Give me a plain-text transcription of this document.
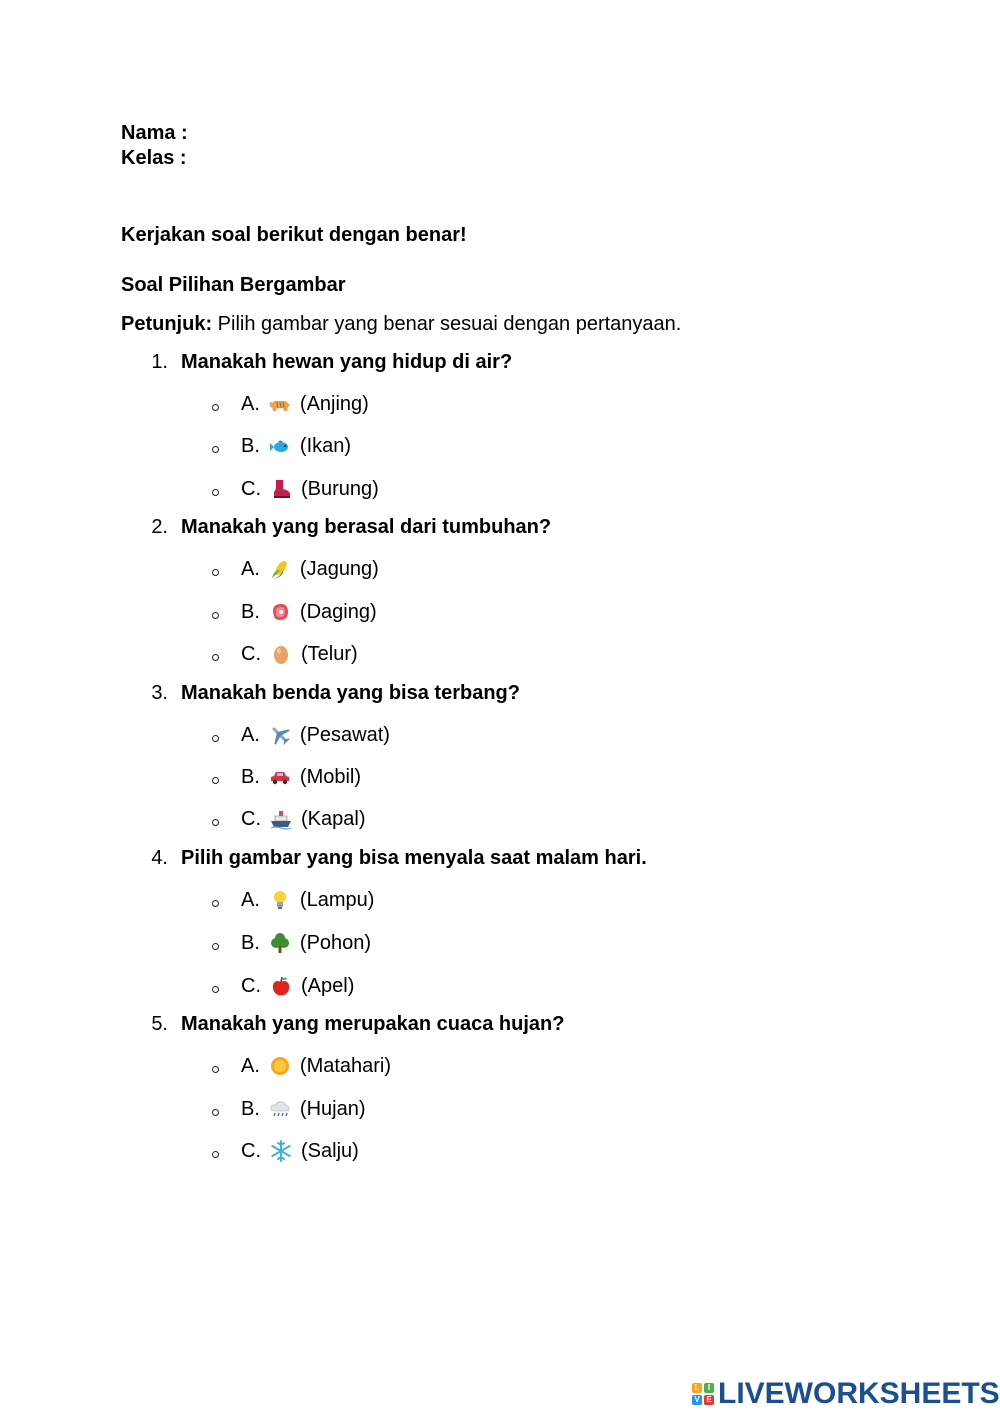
Nama :
Kelas :
Kerjakan soal berikut dengan benar!
Soal Pilihan Bergambar
Petunjuk: Pilih gambar yang benar sesuai dengan pertanyaan.
1. Manakah hewan yang hidup di air?
A. (Anjing)
B. (Ikan)
C. (Burung)
2. Manakah yang berasal dari tumbuhan?
A. (Jagung)
B. (Daging)
C. (Telur)
3. Manakah benda yang bisa terbang?
A. (Pesawat)
B. (Mobil)
C. (Kapal)
4. Pilih gambar yang bisa menyala saat malam hari.
A. (Lampu)
B. (Pohon)
C. (Apel)
5. Manakah yang merupakan cuaca hujan?
A. (Matahari)
B. (Hujan)
C. (Salju)
L	I
V E LIVEWORKSHEETS
